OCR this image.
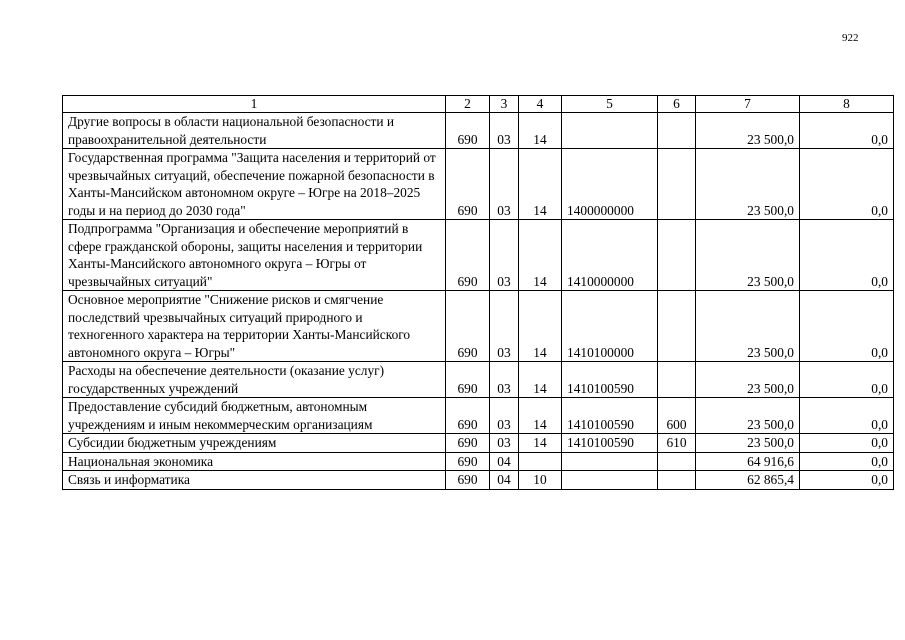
922
1	2	3	4	5	6	7	8
Другие вопросы в области национальной безопасности и правоохранительной деятельности	690	03	14			23 500,0	0,0
Государственная программа "Защита населения и территорий от чрезвычайных ситуаций, обеспечение пожарной безопасности в Ханты-Мансийском автономном округе – Югре на 2018–2025 годы и на период до 2030 года"	690	03	14	1400000000		23 500,0	0,0
Подпрограмма "Организация и обеспечение мероприятий в сфере гражданской обороны, защиты населения и территории Ханты-Мансийского автономного округа – Югры от чрезвычайных ситуаций"	690	03	14	1410000000		23 500,0	0,0
Основное мероприятие "Снижение рисков и смягчение последствий чрезвычайных ситуаций природного и техногенного характера на территории Ханты-Мансийского автономного округа – Югры"	690	03	14	1410100000		23 500,0	0,0
Расходы на обеспечение деятельности (оказание услуг) государственных учреждений	690	03	14	1410100590		23 500,0	0,0
Предоставление субсидий бюджетным, автономным учреждениям и иным некоммерческим организациям	690	03	14	1410100590	600	23 500,0	0,0
Субсидии бюджетным учреждениям	690	03	14	1410100590	610	23 500,0	0,0
Национальная экономика	690	04				64 916,6	0,0
Связь и информатика	690	04	10			62 865,4	0,0
